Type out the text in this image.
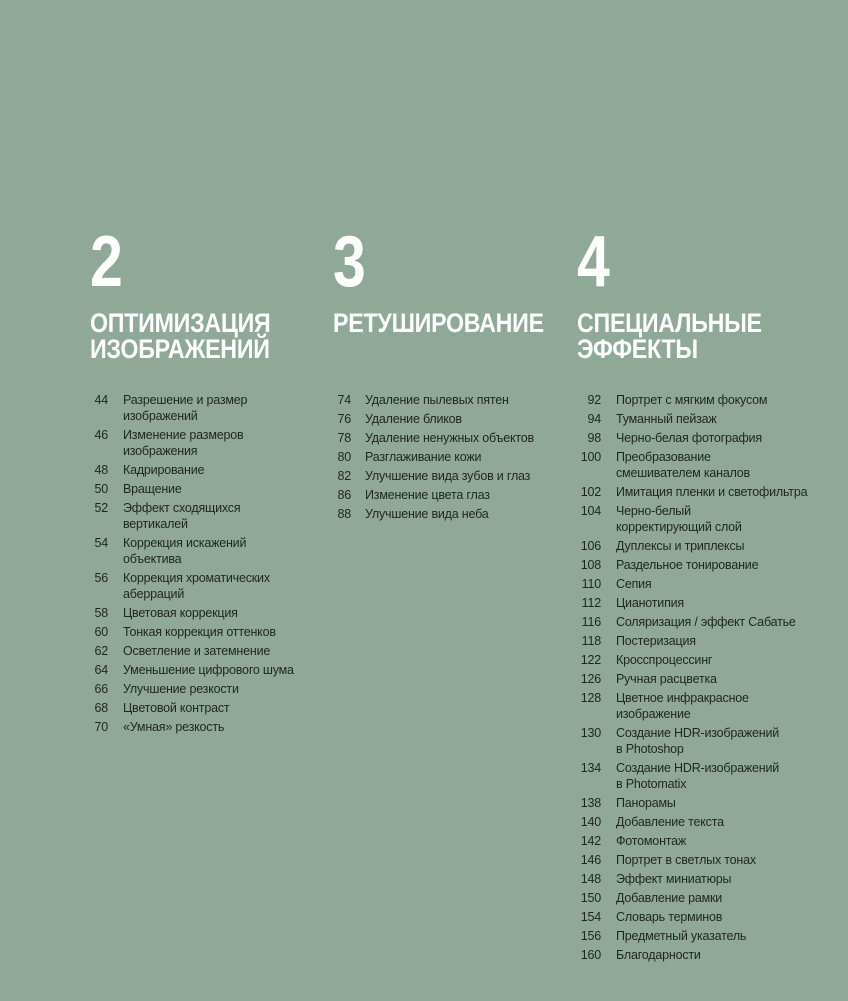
2
ОПТИМИЗАЦИЯ
ИЗОБРАЖЕНИЙ
44 Разрешение и размер
изображений
46 Изменение размеров
изображения
48 Кадрирование
50 Вращение
52 Эффект сходящихся
вертикалей
54 Коррекция искажений
объектива
56 Коррекция хроматических
аберраций
58 Цветовая коррекция
60 Тонкая коррекция оттенков
62 Осветление и затемнение
64 Уменьшение цифрового шума
66 Улучшение резкости
68 Цветовой контраст
70 «Умная» резкость
3
РЕТУШИРОВАНИЕ
74 Удаление пылевых пятен
76 Удаление бликов
78 Удаление ненужных объектов
80 Разглаживание кожи
82 Улучшение вида зубов и глаз
86 Изменение цвета глаз
88 Улучшение вида неба
4
СПЕЦИАЛЬНЫЕ
ЭФФЕКТЫ
92 Портрет с мягким фокусом
94 Туманный пейзаж
98 Черно-белая фотография
100 Преобразование
смешивателем каналов
102 Имитация пленки и светофильтра
104 Черно-белый
корректирующий слой
106 Дуплексы и триплексы
108 Раздельное тонирование
110 Сепия
112 Цианотипия
116 Соляризация / эффект Сабатье
118 Постеризация
122 Кросспроцессинг
126 Ручная расцветка
128 Цветное инфракрасное
изображение
130 Создание HDR-изображений
в Photoshop
134 Создание HDR-изображений
в Photomatix
138 Панорамы
140 Добавление текста
142 Фотомонтаж
146 Портрет в светлых тонах
148 Эффект миниатюры
150 Добавление рамки
154 Словарь терминов
156 Предметный указатель
160 Благодарности
